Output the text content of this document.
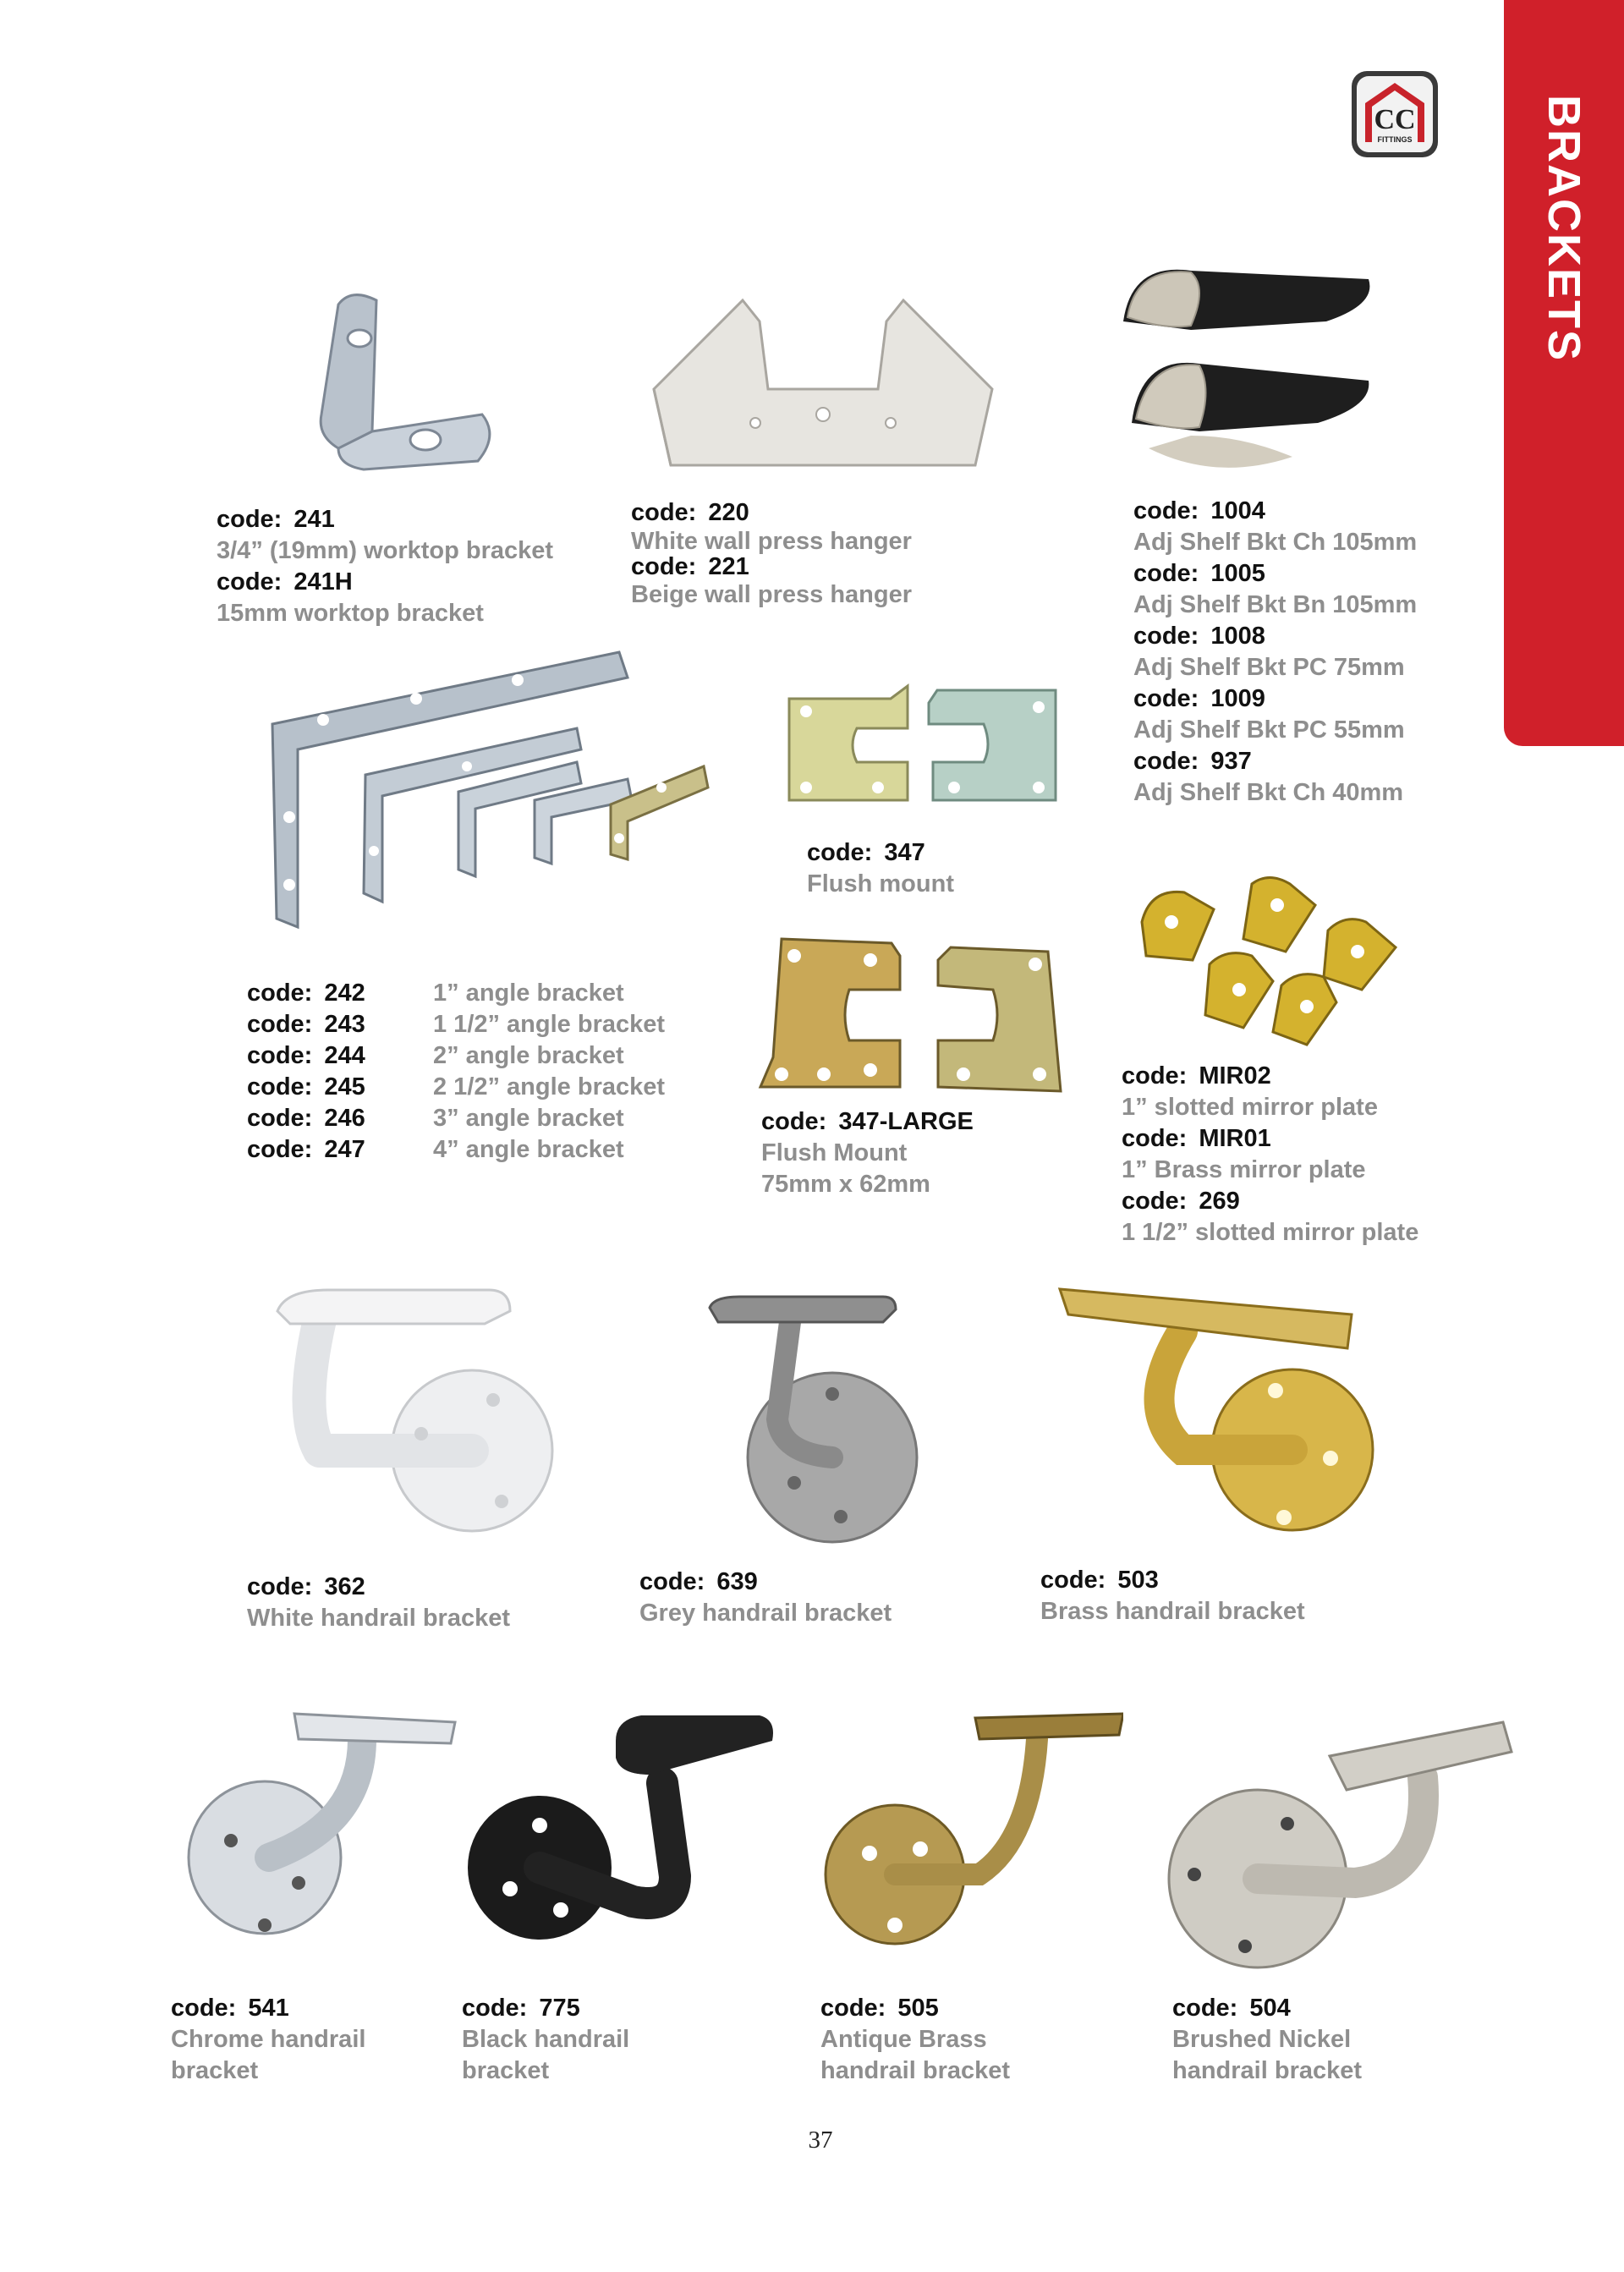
BRACKETS
CC
FITTINGS
code: 241
3/4” (19mm) worktop bracket
code: 241H
15mm worktop bracket
code: 220
White wall press hanger
code: 221
Beige wall press hanger
code: 1004
Adj Shelf Bkt Ch 105mm
code: 1005
Adj Shelf Bkt Bn 105mm
code: 1008
Adj Shelf Bkt PC 75mm
code: 1009
Adj Shelf Bkt PC 55mm
code: 937
Adj Shelf Bkt Ch 40mm
code: 347
Flush mount
code: 242
code: 243
code: 244
code: 245
code: 246
code: 247
1” angle bracket
1 1/2” angle bracket
2” angle bracket
2 1/2” angle bracket
3” angle bracket
4” angle bracket
code: 347-LARGE
Flush Mount
75mm x 62mm
code: MIR02
1” slotted mirror plate
code: MIR01
1” Brass mirror plate
code: 269
1 1/2” slotted mirror plate
code: 362
White handrail bracket
code: 639
Grey handrail bracket
code: 503
Brass handrail bracket
code: 541
Chrome handrail
bracket
code: 775
Black handrail
bracket
code: 505
Antique Brass
handrail bracket
code: 504
Brushed Nickel
handrail bracket
37
